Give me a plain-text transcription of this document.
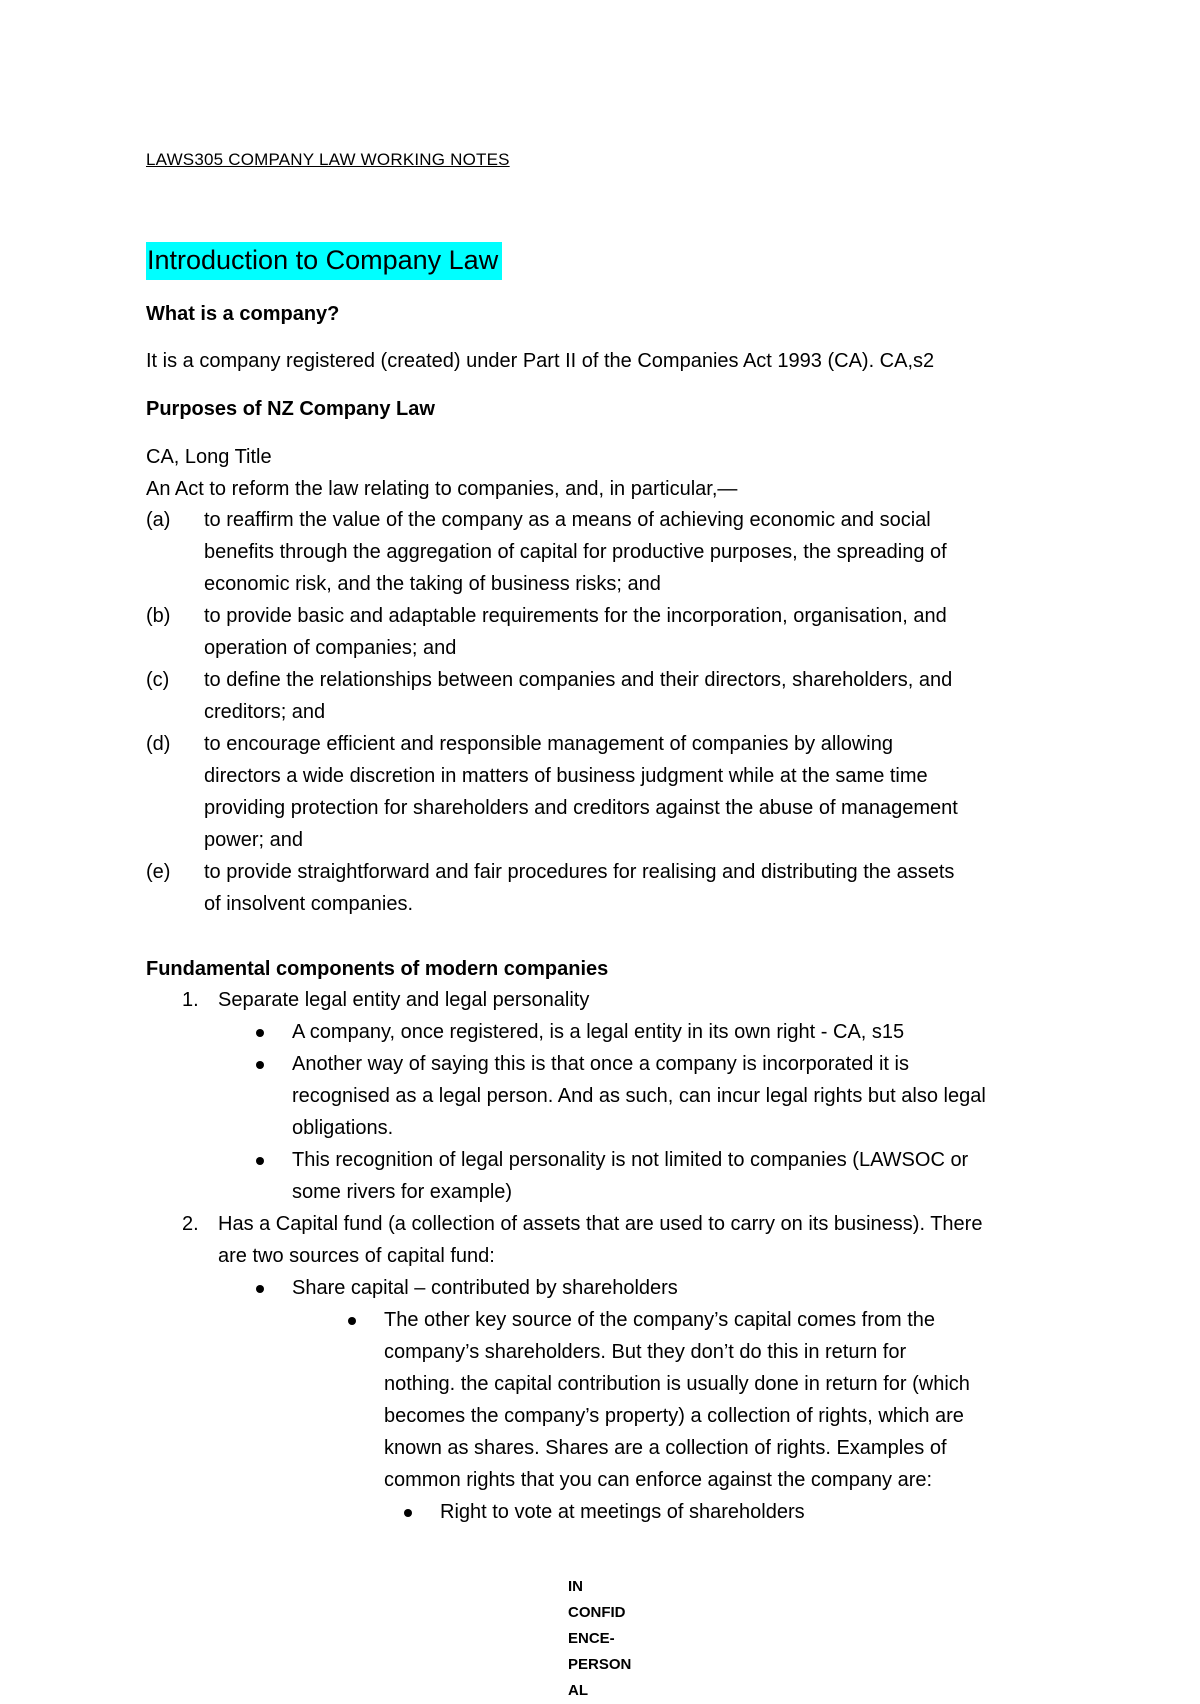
LAWS305 COMPANY LAW WORKING NOTES
Introduction to Company Law
What is a company?
It is a company registered (created) under Part II of the Companies Act 1993 (CA). CA,s2
Purposes of NZ Company Law
CA, Long Title
An Act to reform the law relating to companies, and, in particular,—
(a) to reaffirm the value of the company as a means of achieving economic and social
benefits through the aggregation of capital for productive purposes, the spreading of
economic risk, and the taking of business risks; and
(b) to provide basic and adaptable requirements for the incorporation, organisation, and
operation of companies; and
(c) to define the relationships between companies and their directors, shareholders, and
creditors; and
(d) to encourage efficient and responsible management of companies by allowing
directors a wide discretion in matters of business judgment while at the same time
providing protection for shareholders and creditors against the abuse of management
power; and
(e) to provide straightforward and fair procedures for realising and distributing the assets
of insolvent companies.
Fundamental components of modern companies
1. Separate legal entity and legal personality
A company, once registered, is a legal entity in its own right - CA, s15
Another way of saying this is that once a company is incorporated it is
recognised as a legal person. And as such, can incur legal rights but also legal
obligations.
This recognition of legal personality is not limited to companies (LAWSOC or
some rivers for example)
2. Has a Capital fund (a collection of assets that are used to carry on its business). There
are two sources of capital fund:
Share capital – contributed by shareholders
The other key source of the company’s capital comes from the
company’s shareholders. But they don’t do this in return for
nothing. the capital contribution is usually done in return for (which
becomes the company’s property) a collection of rights, which are
known as shares. Shares are a collection of rights. Examples of
common rights that you can enforce against the company are:
Right to vote at meetings of shareholders
IN
CONFID
ENCE-
PERSON
AL
